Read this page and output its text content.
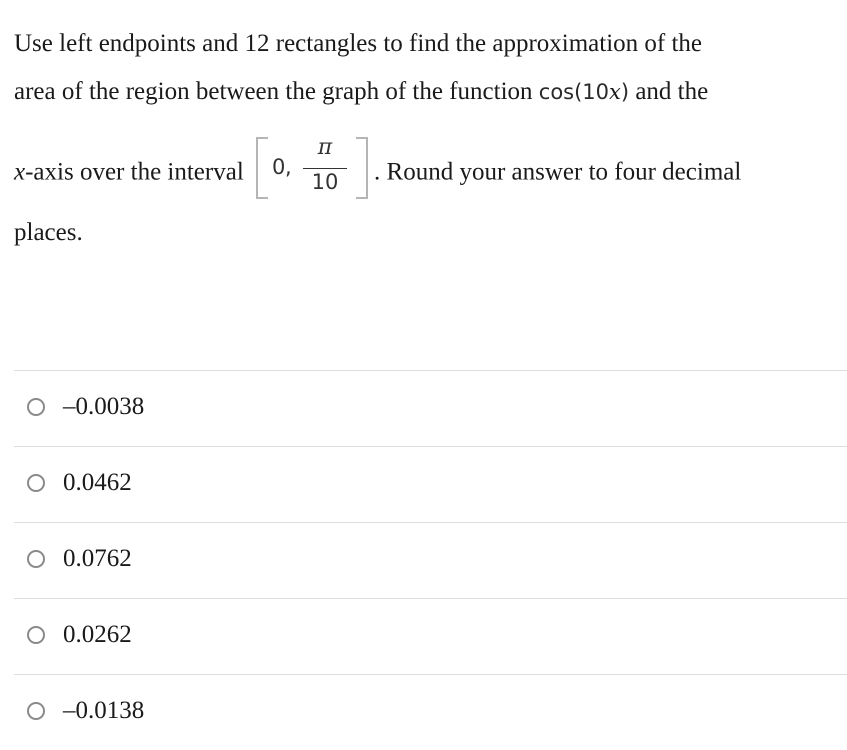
Use left endpoints and 12 rectangles to find the approximation of the
area of the region between the graph of the function cos(10x) and the
x-axis over the interval 0 ,
π
10	. Round your answer to four decimal
places.
–0.0038
0.0462
0.0762
0.0262
–0.0138
